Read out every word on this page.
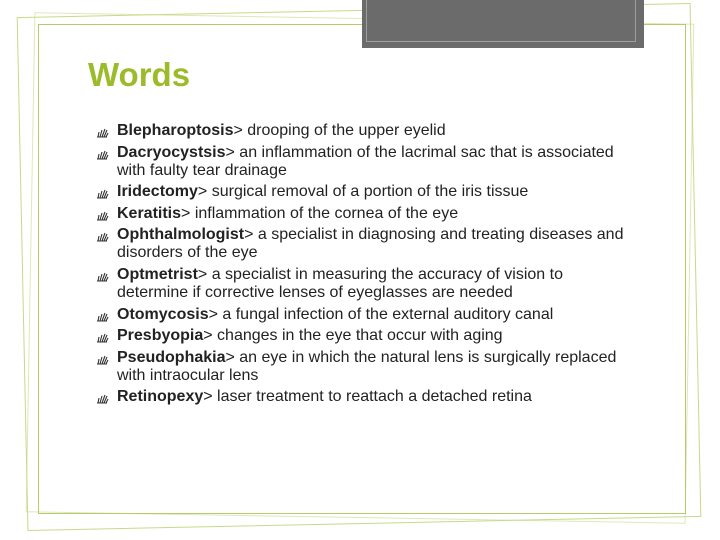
Words
Blepharoptosis> drooping of the upper eyelid
Dacryocystsis> an inflammation of the lacrimal sac that is associated with faulty tear drainage
Iridectomy> surgical removal of a portion of the iris tissue
Keratitis> inflammation of the cornea of the eye
Ophthalmologist> a specialist in diagnosing and treating diseases and disorders of the eye
Optmetrist> a specialist in measuring the accuracy of vision to determine if corrective lenses of eyeglasses are needed
Otomycosis> a fungal infection of the external auditory canal
Presbyopia> changes in the eye that occur with aging
Pseudophakia> an eye in which the natural lens is surgically replaced with intraocular lens
Retinopexy> laser treatment to reattach a detached retina
